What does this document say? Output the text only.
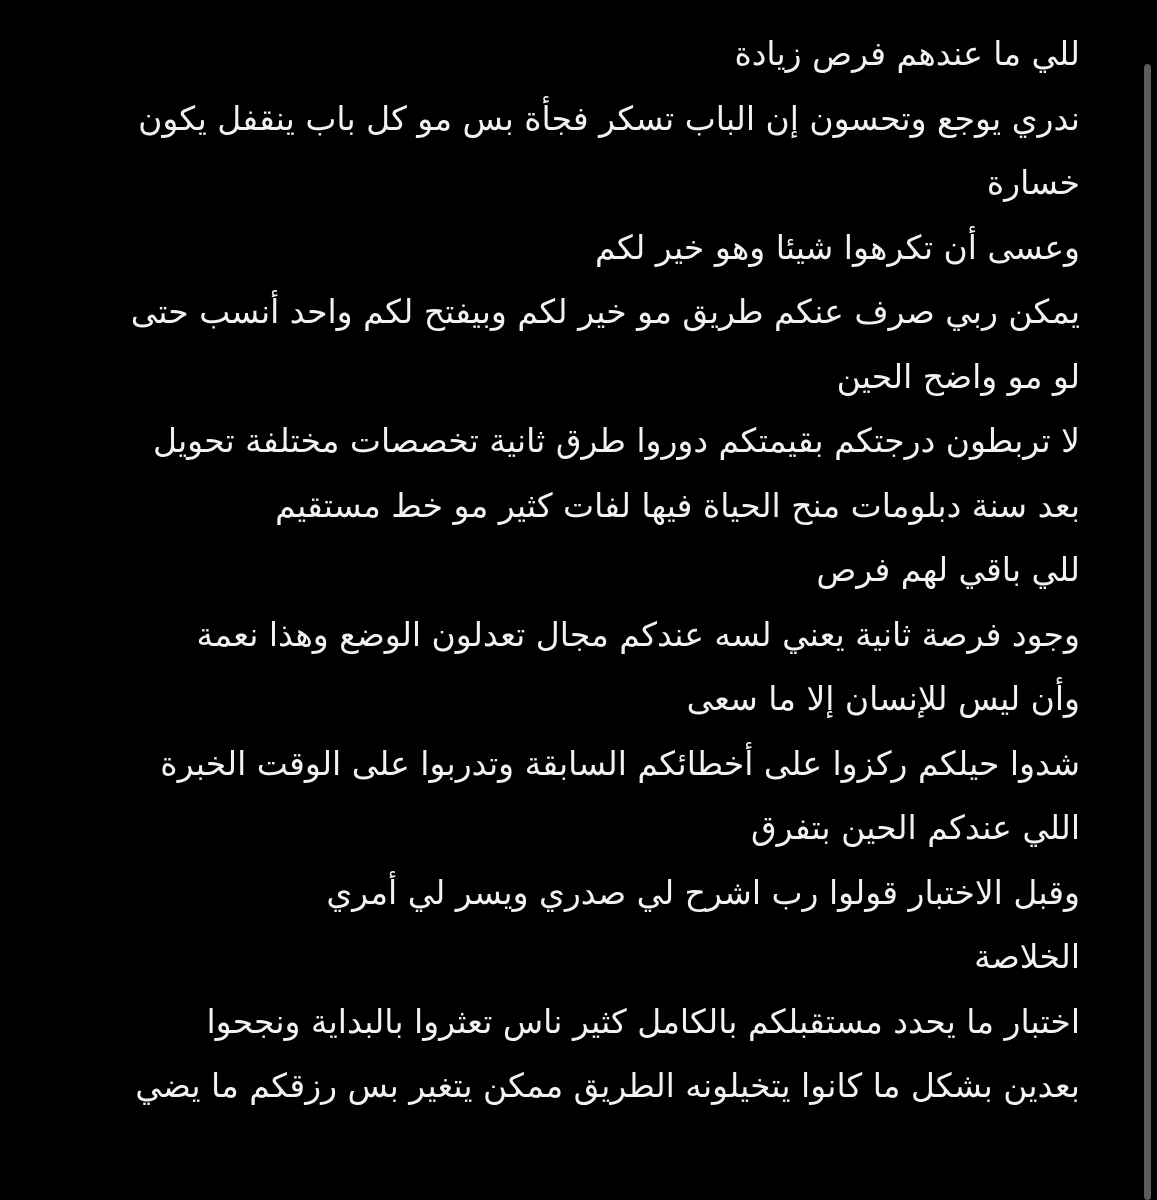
للي ما عندهم فرص زيادة
ندري يوجع وتحسون إن الباب تسكر فجأة بس مو كل باب ينقفل يكون
خسارة
وعسى أن تكرهوا شيئا وهو خير لكم
يمكن ربي صرف عنكم طريق مو خير لكم وبيفتح لكم واحد أنسب حتى
لو مو واضح الحين
لا تربطون درجتكم بقيمتكم دوروا طرق ثانية تخصصات مختلفة تحويل
بعد سنة دبلومات منح الحياة فيها لفات كثير مو خط مستقيم
للي باقي لهم فرص
وجود فرصة ثانية يعني لسه عندكم مجال تعدلون الوضع وهذا نعمة
وأن ليس للإنسان إلا ما سعى
شدوا حيلكم ركزوا على أخطائكم السابقة وتدربوا على الوقت الخبرة
اللي عندكم الحين بتفرق
وقبل الاختبار قولوا رب اشرح لي صدري ويسر لي أمري
الخلاصة
اختبار ما يحدد مستقبلكم بالكامل كثير ناس تعثروا بالبداية ونجحوا
بعدين بشكل ما كانوا يتخيلونه الطريق ممكن يتغير بس رزقكم ما يضي
